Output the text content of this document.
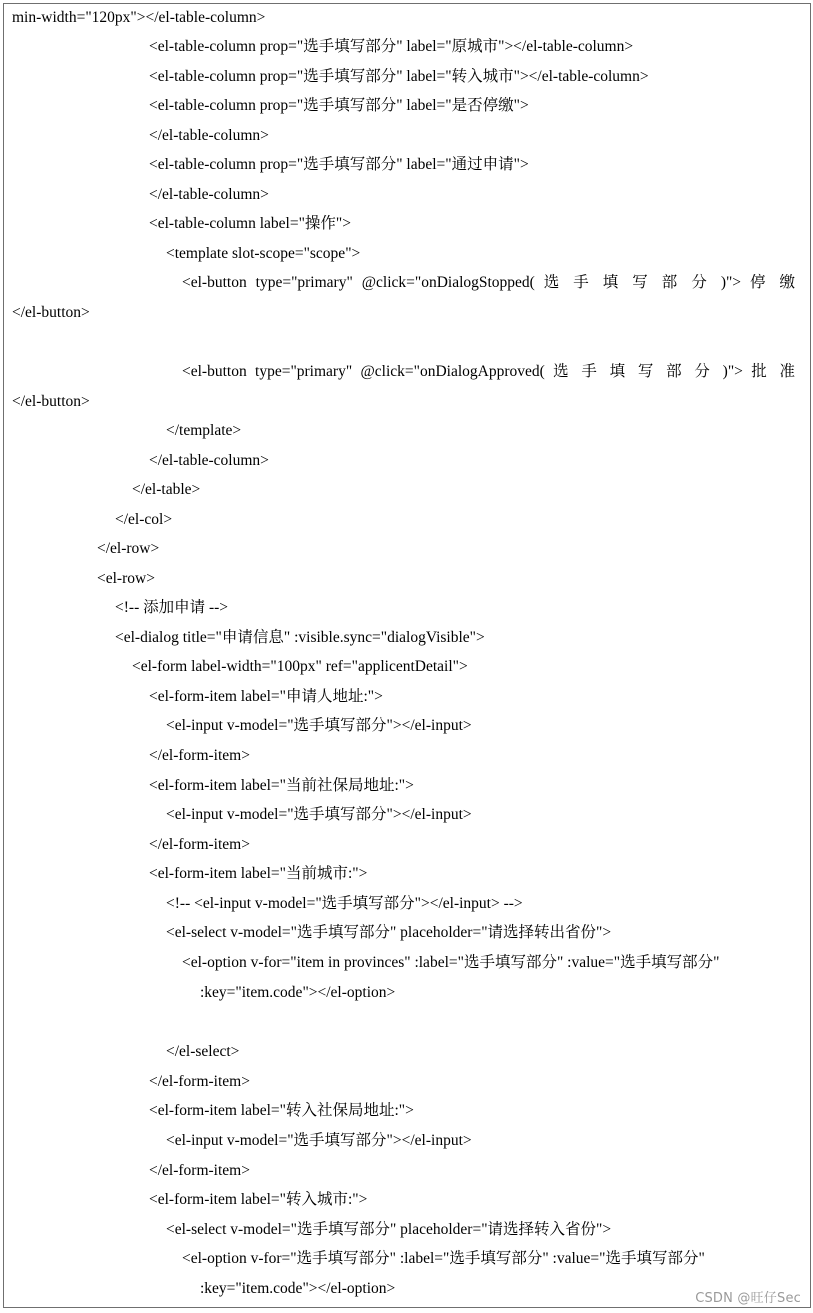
min-width="120px"></el-table-column>
<el-table-column prop="选手填写部分" label="原城市"></el-table-column>
<el-table-column prop="选手填写部分" label="转入城市"></el-table-column>
<el-table-column prop="选手填写部分" label="是否停缴">
</el-table-column>
<el-table-column prop="选手填写部分" label="通过申请">
</el-table-column>
<el-table-column label="操作">
<template slot-scope="scope">
<el-button type="primary" @click="onDialogStopped( 选 手 填 写 部 分 )"> 停 缴
</el-button>
<el-button type="primary" @click="onDialogApproved( 选 手 填 写 部 分 )"> 批 准
</el-button>
</template>
</el-table-column>
</el-table>
</el-col>
</el-row>
<el-row>
<!-- 添加申请 -->
<el-dialog title="申请信息" :visible.sync="dialogVisible">
<el-form label-width="100px" ref="applicentDetail">
<el-form-item label="申请人地址:">
<el-input v-model="选手填写部分"></el-input>
</el-form-item>
<el-form-item label="当前社保局地址:">
<el-input v-model="选手填写部分"></el-input>
</el-form-item>
<el-form-item label="当前城市:">
<!-- <el-input v-model="选手填写部分"></el-input> -->
<el-select v-model="选手填写部分" placeholder="请选择转出省份">
<el-option v-for="item in provinces" :label="选手填写部分" :value="选手填写部分"
:key="item.code"></el-option>
</el-select>
</el-form-item>
<el-form-item label="转入社保局地址:">
<el-input v-model="选手填写部分"></el-input>
</el-form-item>
<el-form-item label="转入城市:">
<el-select v-model="选手填写部分" placeholder="请选择转入省份">
<el-option v-for="选手填写部分" :label="选手填写部分" :value="选手填写部分"
:key="item.code"></el-option>
CSDN @旺仔Sec
